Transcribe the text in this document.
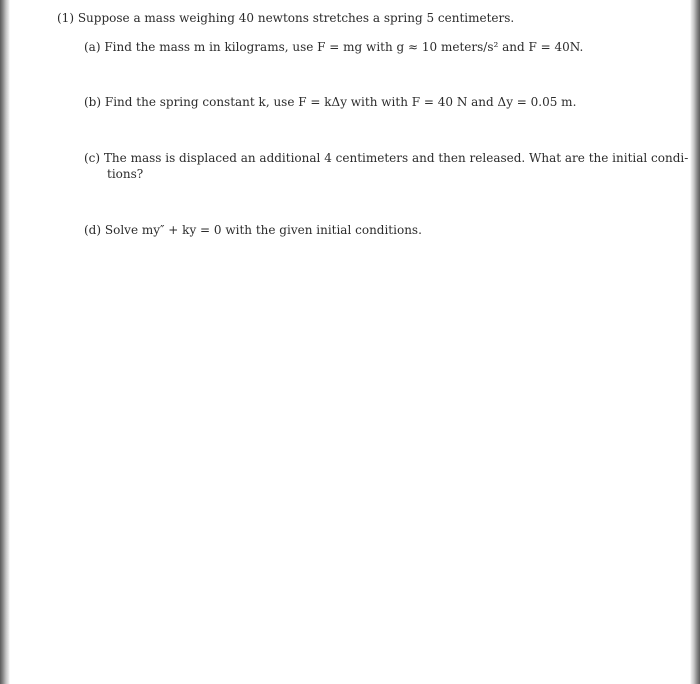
(1) Suppose a mass weighing 40 newtons stretches a spring 5 centimeters.
(a) Find the mass m in kilograms, use F = mg with g ≈ 10 meters/s² and F = 40N.
(b) Find the spring constant k, use F = kΔy with with F = 40 N and Δy = 0.05 m.
(c) The mass is displaced an additional 4 centimeters and then released. What are the initial condi-
tions?
(d) Solve my″ + ky = 0 with the given initial conditions.
